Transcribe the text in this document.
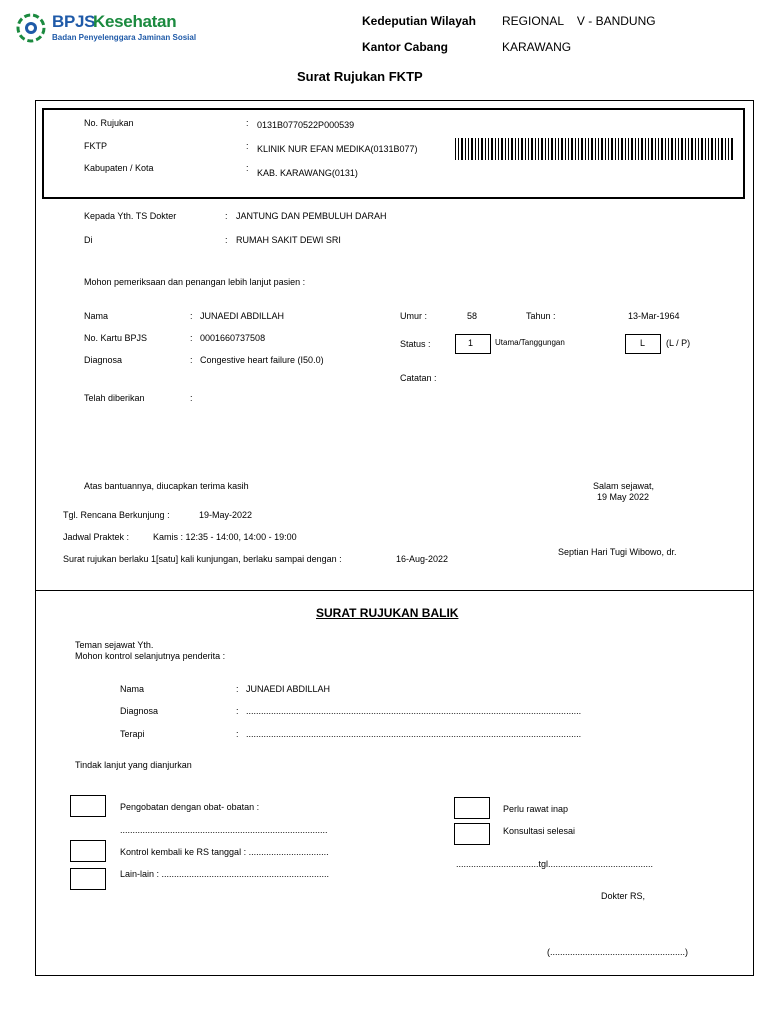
BPJS
Kesehatan
Badan Penyelenggara Jaminan Sosial
Kedeputian Wilayah REGIONAL    V - BANDUNG
Kantor Cabang	KARAWANG
Surat Rujukan FKTP
No. Rujukan	: 0131B0770522P000539
FKTP	: KLINIK NUR EFAN MEDIKA(0131B077)
Kabupaten / Kota	: KAB. KARAWANG(0131)
Kepada Yth. TS Dokter	: JANTUNG DAN PEMBULUH DARAH
Di	: RUMAH SAKIT DEWI SRI
Mohon pemeriksaan dan penangan lebih lanjut pasien :
Nama	: JUNAEDI ABDILLAH
No. Kartu BPJS	: 0001660737508
Diagnosa	: Congestive heart failure (I50.0)
Telah diberikan	:
Umur :	58	Tahun :	13-Mar-1964
Status :	1	Utama/Tanggungan	L (L / P)
Catatan :
Atas bantuannya, diucapkan terima kasih	Salam sejawat,
19 May 2022
Tgl. Rencana Berkunjung :	19-May-2022
Jadwal Praktek :	Kamis : 12:35 - 14:00, 14:00 - 19:00
Surat rujukan berlaku 1[satu] kali kunjungan, berlaku sampai dengan :	16-Aug-2022
Septian Hari Tugi Wibowo, dr.
SURAT RUJUKAN BALIK
Teman sejawat Yth.
Mohon kontrol selanjutnya penderita :
Nama	: JUNAEDI ABDILLAH
Diagnosa	: ......................................................................................................................................
Terapi	: ......................................................................................................................................
Tindak lanjut yang dianjurkan
Pengobatan dengan obat- obatan :
...................................................................................
Kontrol kembali ke RS tanggal : ................................
Lain-lain : ...................................................................
Perlu rawat inap
Konsultasi selesai
.................................tgl..........................................
Dokter RS,
(......................................................)
